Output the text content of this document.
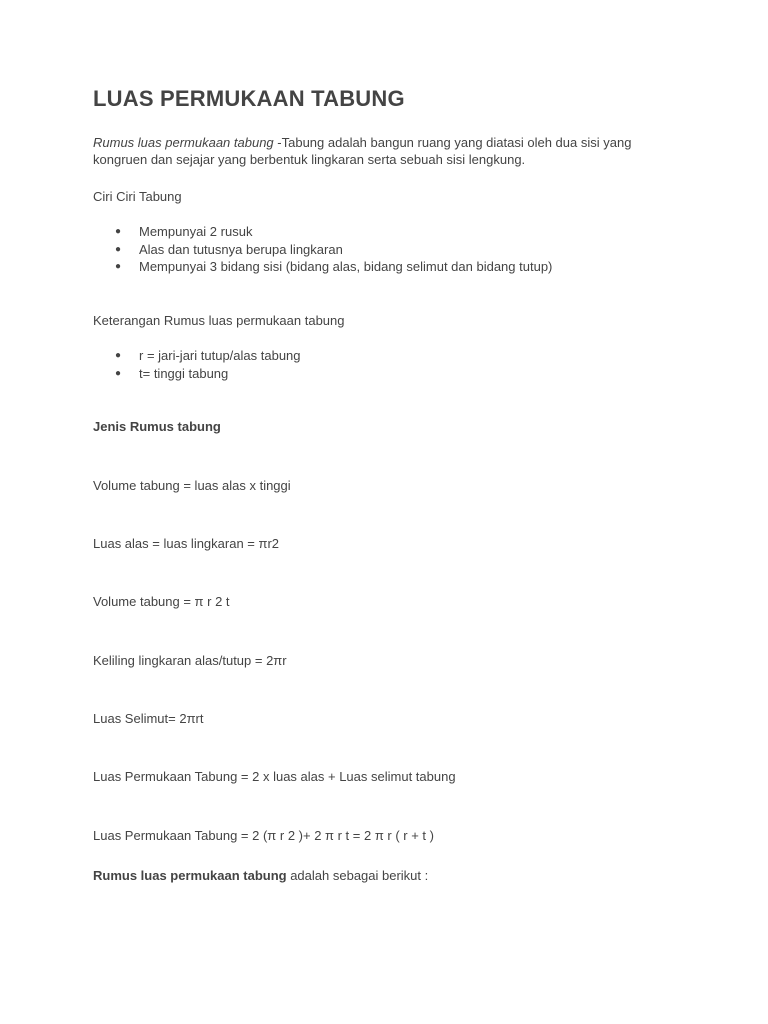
LUAS PERMUKAAN TABUNG

Rumus luas permukaan tabung -Tabung adalah bangun ruang yang diatasi oleh dua sisi yang kongruen dan sejajar yang berbentuk lingkaran serta sebuah sisi lengkung.

Ciri Ciri Tabung

● Mempunyai 2 rusuk
● Alas dan tutusnya berupa lingkaran
● Mempunyai 3 bidang sisi (bidang alas, bidang selimut dan bidang tutup)

Keterangan Rumus luas permukaan tabung

● r = jari-jari tutup/alas tabung
● t= tinggi tabung

Jenis Rumus tabung

Volume tabung = luas alas x tinggi

Luas alas = luas lingkaran = πr2

Volume tabung = π r 2 t

Keliling lingkaran alas/tutup = 2πr

Luas Selimut= 2πrt

Luas Permukaan Tabung = 2 x luas alas + Luas selimut tabung

Luas Permukaan Tabung = 2 (π r 2 )+ 2 π r t = 2 π r ( r + t )

Rumus luas permukaan tabung adalah sebagai berikut :
